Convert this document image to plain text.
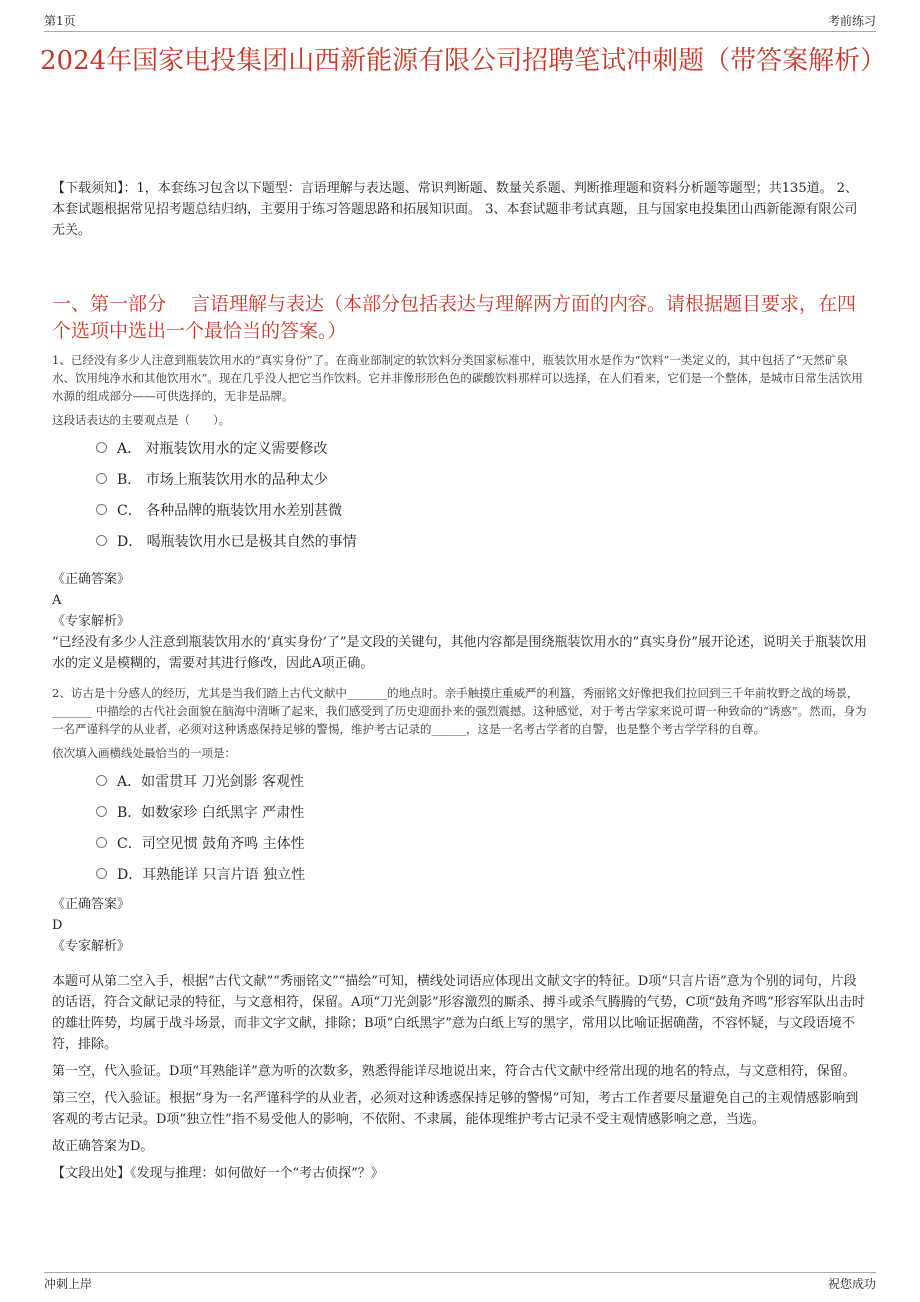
第1页	考前练习
2024年国家电投集团山西新能源有限公司招聘笔试冲刺题（带答案解析）

【下载须知】：1，本套练习包含以下题型：言语理解与表达题、常识判断题、数量关系题、判断推理题和资料分析题等题型；共135道。 2、本套试题根据常见招考题总结归纳，主要用于练习答题思路和拓展知识面。 3、本套试题非考试真题，且与国家电投集团山西新能源有限公司无关。

一、第一部分　 言语理解与表达（本部分包括表达与理解两方面的内容。请根据题目要求，在四个选项中选出一个最恰当的答案。）

1、已经没有多少人注意到瓶装饮用水的“真实身份”了。在商业部制定的软饮料分类国家标准中，瓶装饮用水是作为“饮料”一类定义的，其中包括了“天然矿泉水、饮用纯净水和其他饮用水”。现在几乎没人把它当作饮料。它并非像形形色色的碳酸饮料那样可以选择，在人们看来，它们是一个整体，是城市日常生活饮用水源的组成部分——可供选择的，无非是品牌。

这段话表达的主要观点是（　　）。

A． 对瓶装饮用水的定义需要修改
B． 市场上瓶装饮用水的品种太少
C． 各种品牌的瓶装饮用水差别甚微
D． 喝瓶装饮用水已是极其自然的事情

《正确答案》

A

《专家解析》

“已经没有多少人注意到瓶装饮用水的‘真实身份’了”是文段的关键句，其他内容都是围绕瓶装饮用水的“真实身份”展开论述，说明关于瓶装饮用水的定义是模糊的，需要对其进行修改，因此A项正确。

2、访古是十分感人的经历，尤其是当我们踏上古代文献中_______的地点时。亲手触摸庄重威严的利簋，秀丽铭文好像把我们拉回到三千年前牧野之战的场景，_______ 中描绘的古代社会面貌在脑海中清晰了起来，我们感受到了历史迎面扑来的强烈震撼。这种感觉，对于考古学家来说可谓一种致命的“诱惑”。然而，身为一名严谨科学的从业者，必须对这种诱惑保持足够的警惕，维护考古记录的______，这是一名考古学者的自警，也是整个考古学学科的自尊。

依次填入画横线处最恰当的一项是：

A．如雷贯耳 刀光剑影 客观性
B．如数家珍 白纸黑字 严肃性
C．司空见惯 鼓角齐鸣 主体性
D．耳熟能详 只言片语 独立性

《正确答案》

D

《专家解析》

本题可从第二空入手，根据“古代文献”“秀丽铭文”“描绘”可知，横线处词语应体现出文献文字的特征。D项“只言片语”意为个别的词句，片段的话语，符合文献记录的特征，与文意相符，保留。A项“刀光剑影”形容激烈的厮杀、搏斗或杀气腾腾的气势，C项“鼓角齐鸣”形容军队出击时的雄壮阵势，均属于战斗场景，而非文字文献，排除；B项“白纸黑字”意为白纸上写的黑字，常用以比喻证据确凿，不容怀疑，与文段语境不符，排除。

第一空，代入验证。D项“耳熟能详”意为听的次数多，熟悉得能详尽地说出来，符合古代文献中经常出现的地名的特点，与文意相符，保留。

第三空，代入验证。根据“身为一名严谨科学的从业者，必须对这种诱惑保持足够的警惕”可知，考古工作者要尽量避免自己的主观情感影响到客观的考古记录。D项“独立性”指不易受他人的影响，不依附、不隶属，能体现维护考古记录不受主观情感影响之意，当选。

故正确答案为D。

【文段出处】《发现与推理：如何做好一个“考古侦探”？》

冲刺上岸	祝您成功
